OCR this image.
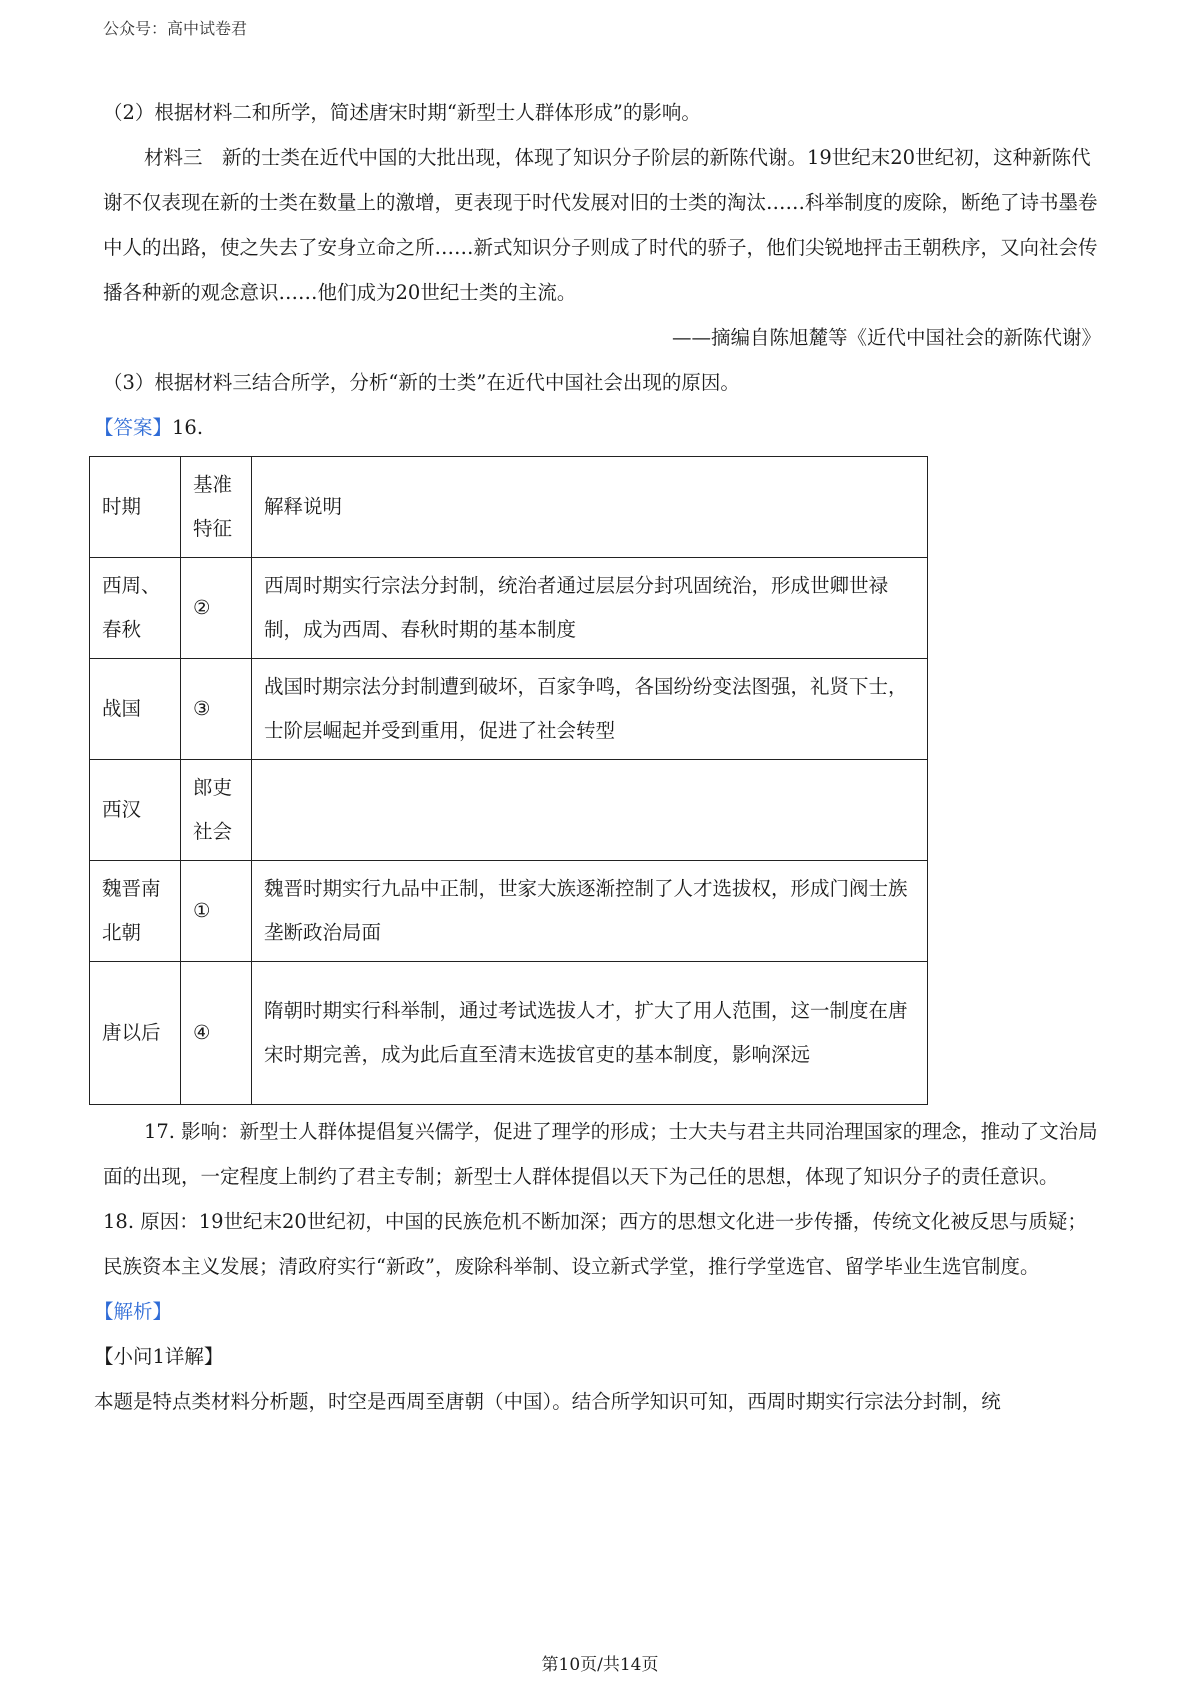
公众号：高中试卷君

（2）根据材料二和所学，简述唐宋时期“新型士人群体形成”的影响。

材料三　新的士类在近代中国的大批出现，体现了知识分子阶层的新陈代谢。19世纪末20世纪初，这种新陈代谢不仅表现在新的士类在数量上的激增，更表现于时代发展对旧的士类的淘汰……科举制度的废除，断绝了诗书墨卷中人的出路，使之失去了安身立命之所……新式知识分子则成了时代的骄子，他们尖锐地抨击王朝秩序，又向社会传播各种新的观念意识……他们成为20世纪士类的主流。

——摘编自陈旭麓等《近代中国社会的新陈代谢》

（3）根据材料三结合所学，分析“新的士类”在近代中国社会出现的原因。

【答案】16.

时期	基准特征	解释说明
西周、春秋	②	西周时期实行宗法分封制，统治者通过层层分封巩固统治，形成世卿世禄制，成为西周、春秋时期的基本制度
战国	③	战国时期宗法分封制遭到破坏，百家争鸣，各国纷纷变法图强，礼贤下士，士阶层崛起并受到重用，促进了社会转型
西汉	郎吏社会	
魏晋南北朝	①	魏晋时期实行九品中正制，世家大族逐渐控制了人才选拔权，形成门阀士族垄断政治局面
唐以后	④	隋朝时期实行科举制，通过考试选拔人才，扩大了用人范围，这一制度在唐宋时期完善，成为此后直至清末选拔官吏的基本制度，影响深远

17. 影响：新型士人群体提倡复兴儒学，促进了理学的形成；士大夫与君主共同治理国家的理念，推动了文治局面的出现，一定程度上制约了君主专制；新型士人群体提倡以天下为己任的思想，体现了知识分子的责任意识。　　18. 原因：19世纪末20世纪初，中国的民族危机不断加深；西方的思想文化进一步传播，传统文化被反思与质疑；民族资本主义发展；清政府实行“新政”，废除科举制、设立新式学堂，推行学堂选官、留学毕业生选官制度。

【解析】

【小问1详解】

本题是特点类材料分析题，时空是西周至唐朝（中国）。结合所学知识可知，西周时期实行宗法分封制，统

第10页/共14页
